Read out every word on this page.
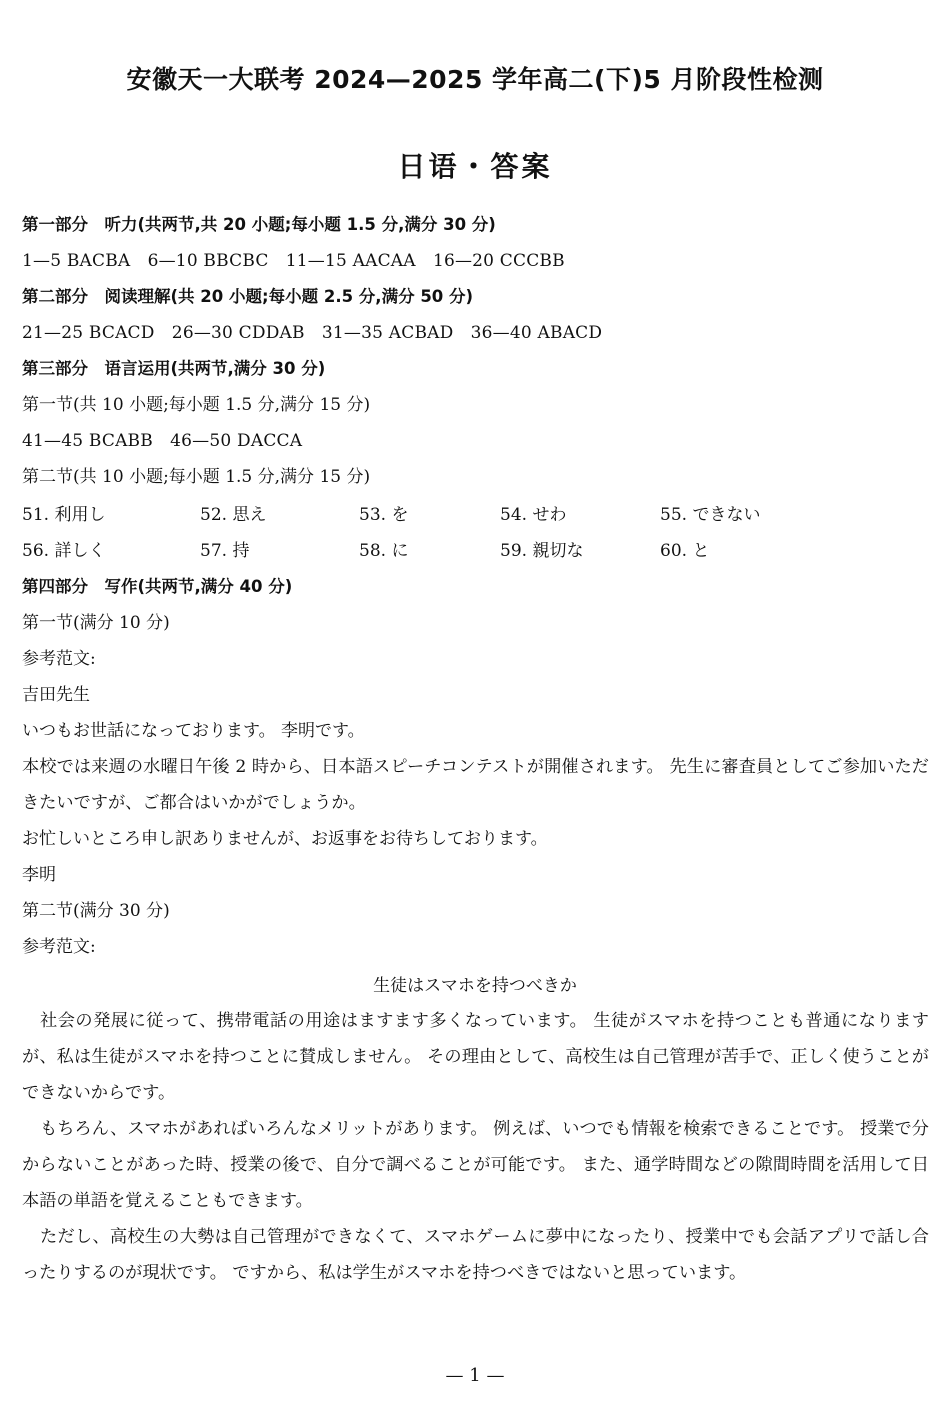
安徽天一大联考 2024—2025 学年高二(下)5 月阶段性检测
日语・答案
第一部分　听力(共两节,共 20 小题;每小题 1.5 分,满分 30 分)
1—5 BACBA　6—10 BBCBC　11—15 AACAA　16—20 CCCBB
第二部分　阅读理解(共 20 小题;每小题 2.5 分,满分 50 分)
21—25 BCACD　26—30 CDDAB　31—35 ACBAD　36—40 ABACD
第三部分　语言运用(共两节,满分 30 分)
第一节(共 10 小题;每小题 1.5 分,满分 15 分)
41—45 BCABB　46—50 DACCA
第二节(共 10 小题;每小题 1.5 分,满分 15 分)
51. 利用し	52. 思え	53. を	54. せわ	55. できない
56. 詳しく	57. 持	58. に	59. 親切な	60. と
第四部分　写作(共两节,满分 40 分)
第一节(满分 10 分)
参考范文:
吉田先生
いつもお世話になっております。 李明です。
本校では来週の水曜日午後 2 時から、日本語スピーチコンテストが開催されます。 先生に審査員としてご参加いただきたいですが、ご都合はいかがでしょうか。
お忙しいところ申し訳ありませんが、お返事をお待ちしております。
李明
第二节(满分 30 分)
参考范文:
生徒はスマホを持つべきか
社会の発展に従って、携帯電話の用途はますます多くなっています。 生徒がスマホを持つことも普通になりますが、私は生徒がスマホを持つことに賛成しません。 その理由として、高校生は自己管理が苦手で、正しく使うことができないからです。
もちろん、スマホがあればいろんなメリットがあります。 例えば、いつでも情報を検索できることです。 授業で分からないことがあった時、授業の後で、自分で調べることが可能です。 また、通学時間などの隙間時間を活用して日本語の単語を覚えることもできます。
ただし、高校生の大勢は自己管理ができなくて、スマホゲームに夢中になったり、授業中でも会話アプリで話し合ったりするのが現状です。 ですから、私は学生がスマホを持つべきではないと思っています。
— 1 —
